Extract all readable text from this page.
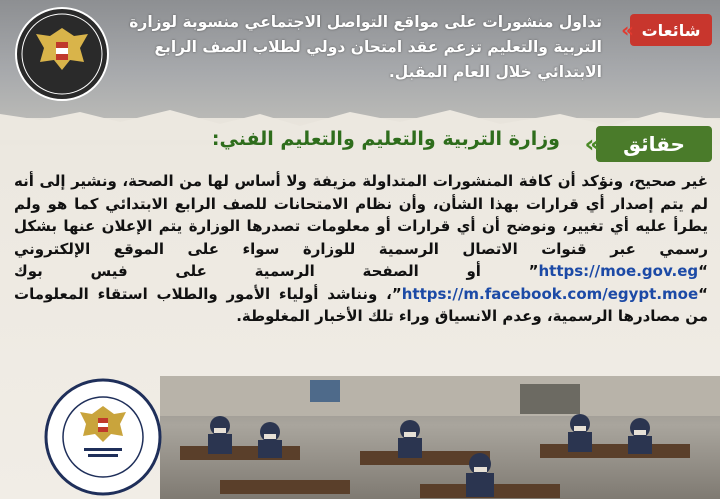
شائعات
«
تداول منشورات على مواقع التواصل الاجتماعي منسوبة لوزارة التربية والتعليم تزعم عقد امتحان دولي لطلاب الصف الرابع الابتدائي خلال العام المقبل.
حقائق
«
وزارة التربية والتعليم والتعليم الفني:
غير صحيح، ونؤكد أن كافة المنشورات المتداولة مزيفة ولا أساس لها من الصحة، ونشير إلى أنه لم يتم إصدار أي قرارات بهذا الشأن، وأن نظام الامتحانات للصف الرابع الابتدائي كما هو ولم يطرأ عليه أي تغيير، ونوضح أن أي قرارات أو معلومات تصدرها الوزارة يتم الإعلان عنها بشكل رسمي عبر قنوات الاتصال الرسمية للوزارة سواء على الموقع الإلكتروني “https://moe.gov.eg” أو الصفحة الرسمية على فيس بوك “https://m.facebook.com/egypt.moe”، ونناشد أولياء الأمور والطلاب استقاء المعلومات من مصادرها الرسمية، وعدم الانسياق وراء تلك الأخبار المغلوطة.
